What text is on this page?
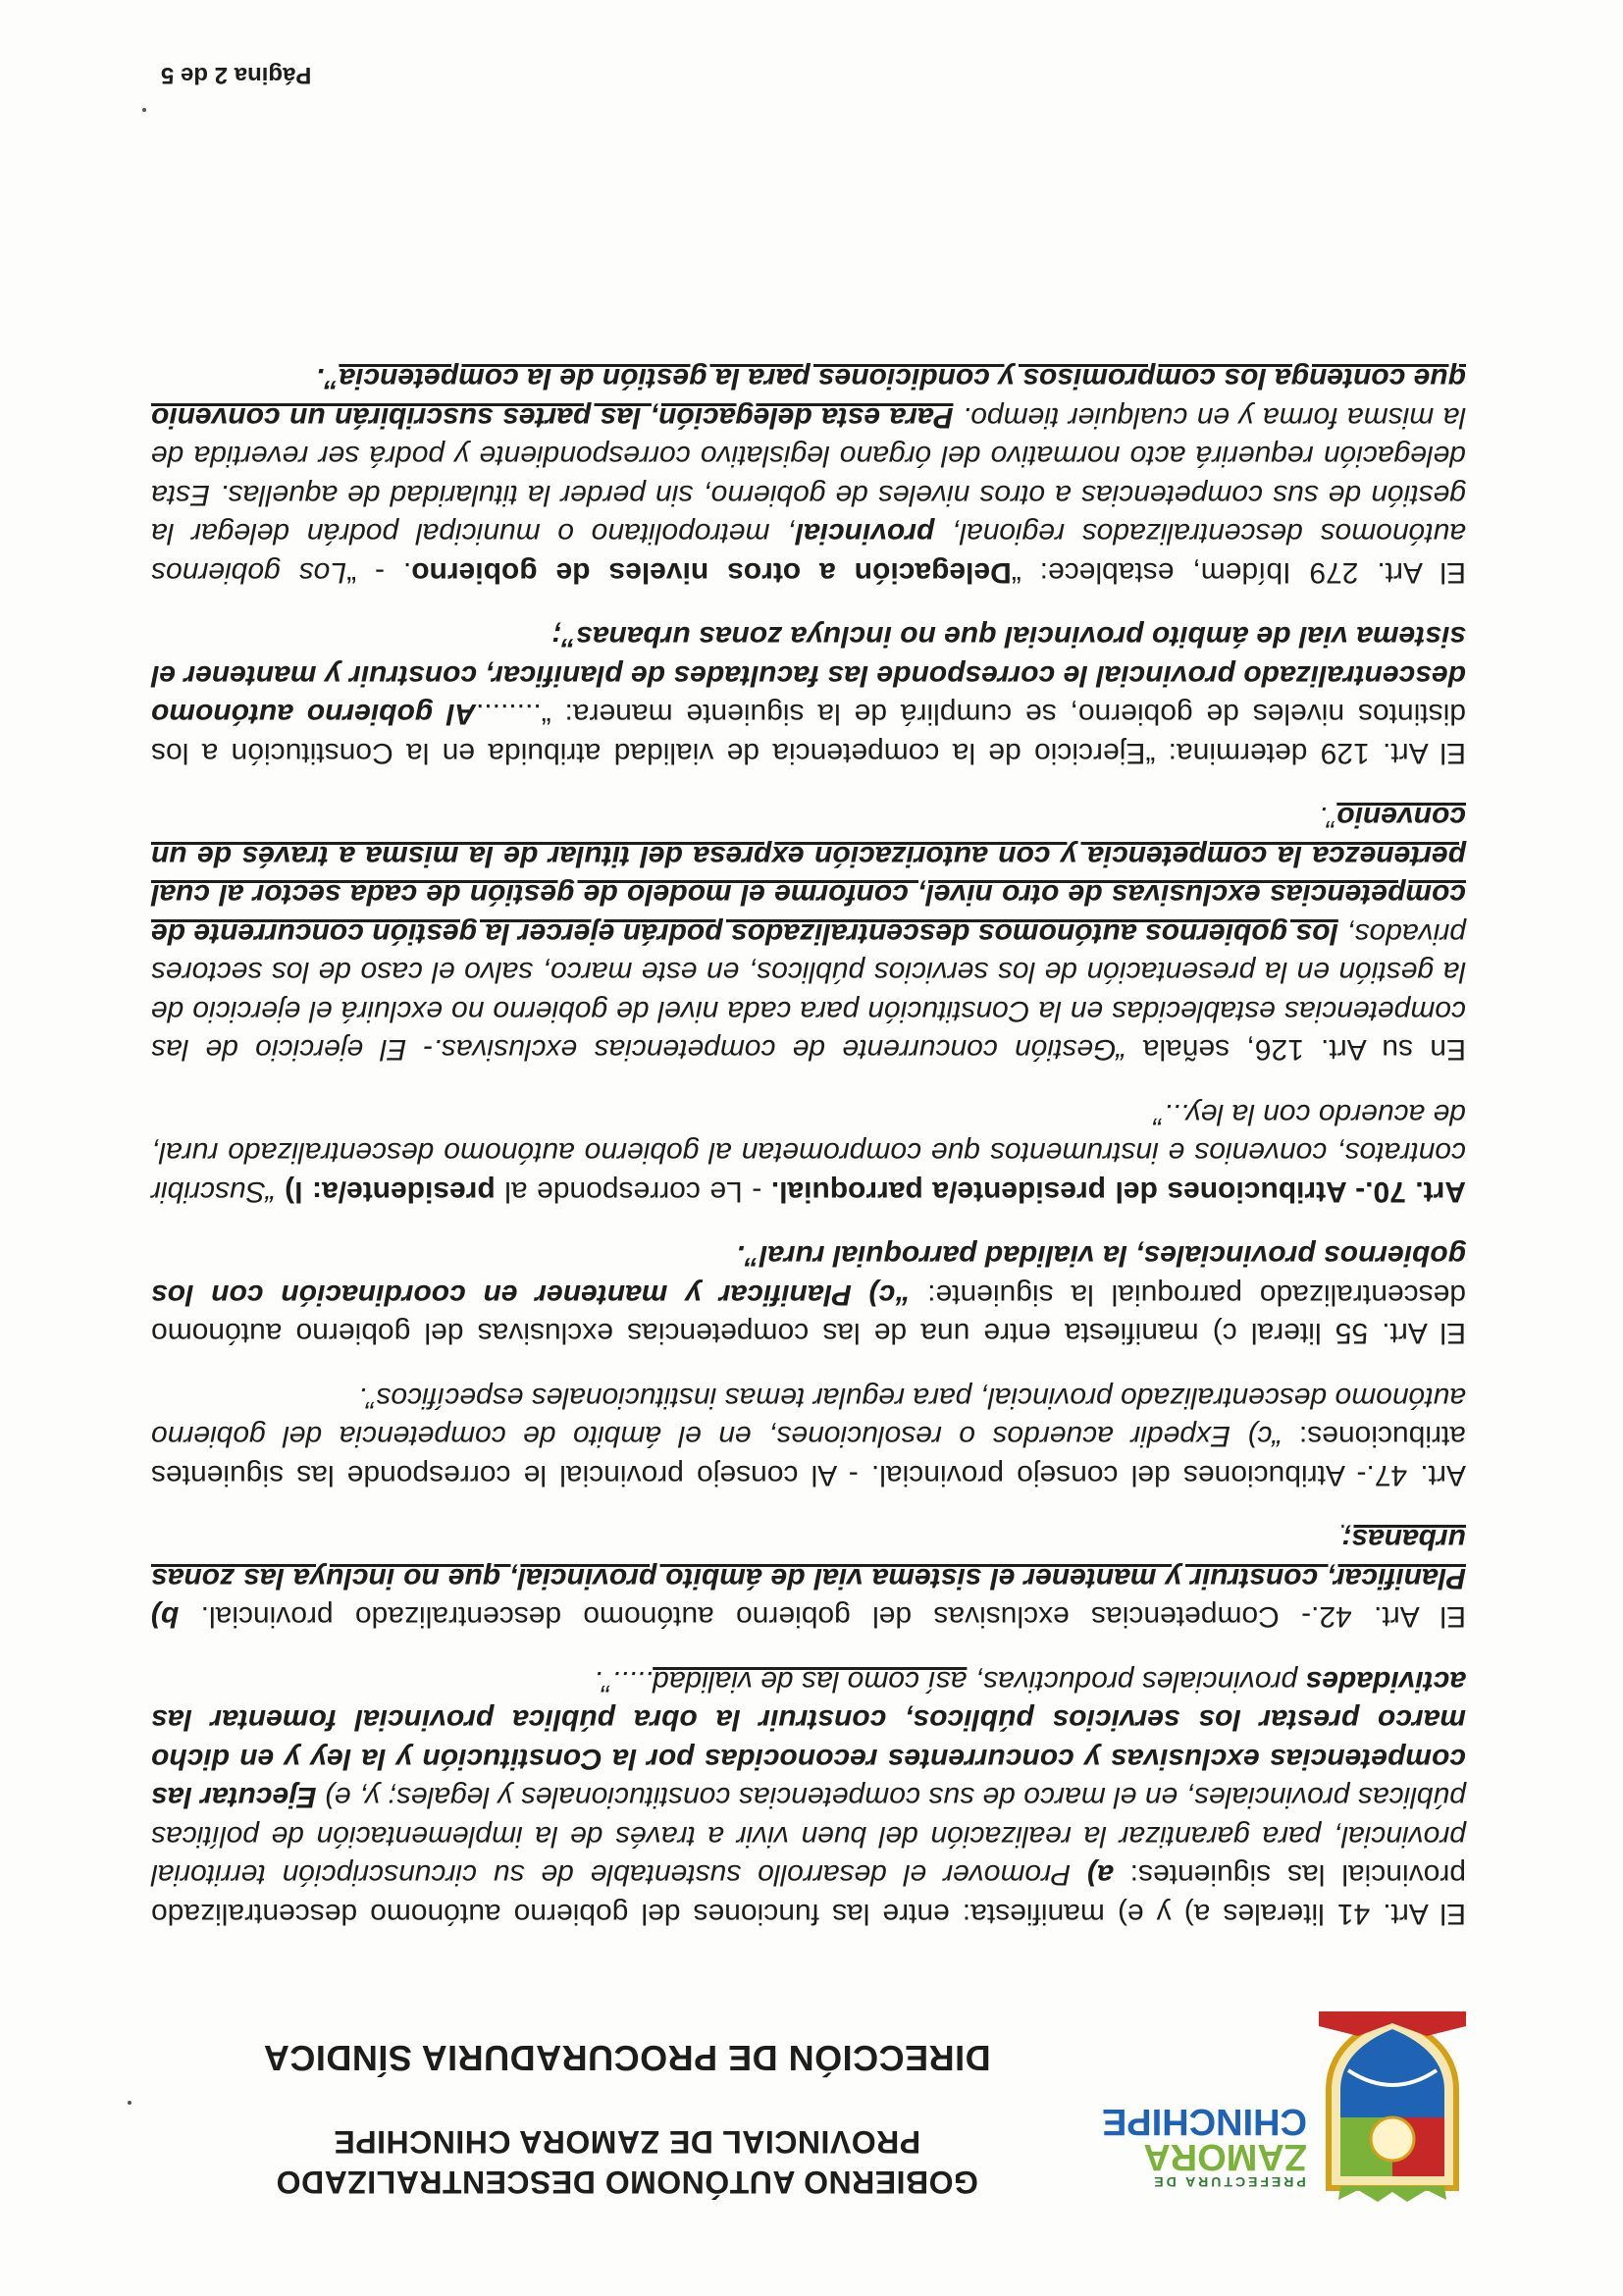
PREFECTURA DE
ZAMORA
CHINCHIPE
GOBIERNO AUTÓNOMO DESCENTRALIZADO
PROVINCIAL DE ZAMORA CHINCHIPE
DIRECCIÓN DE PROCURADURIA SÍNDICA

El Art. 41 literales a) y e) manifiesta: entre las funciones del gobierno autónomo descentralizado provincial las siguientes: a) Promover el desarrollo sustentable de su circunscripción territorial provincial, para garantizar la realización del buen vivir a través de la implementación de políticas públicas provinciales, en el marco de sus competencias constitucionales y legales; y, e) Ejecutar las competencias exclusivas y concurrentes reconocidas por la Constitución y la ley y en dicho marco prestar los servicios públicos, construir la obra pública provincial fomentar las actividades provinciales productivas, así como las de vialidad.....”.

El Art. 42.- Competencias exclusivas del gobierno autónomo descentralizado provincial. b) Planificar, construir y mantener el sistema vial de ámbito provincial, que no incluya las zonas urbanas;

Art. 47.- Atribuciones del consejo provincial. - Al consejo provincial le corresponde las siguientes atribuciones: “c) Expedir acuerdos o resoluciones, en el ámbito de competencia del gobierno autónomo descentralizado provincial, para regular temas institucionales específicos”.

El Art. 55 literal c) manifiesta entre una de las competencias exclusivas del gobierno autónomo descentralizado parroquial la siguiente: “c) Planificar y mantener en coordinación con los gobiernos provinciales, la vialidad parroquial rural”.

Art. 70.- Atribuciones del presidente/a parroquial. - Le corresponde al presidente/a: l) “Suscribir contratos, convenios e instrumentos que comprometan al gobierno autónomo descentralizado rural, de acuerdo con la ley...”

En su Art. 126, señala “Gestión concurrente de competencias exclusivas.- El ejercicio de las competencias establecidas en la Constitución para cada nivel de gobierno no excluirá el ejercicio de la gestión en la presentación de los servicios públicos, en este marco, salvo el caso de los sectores privados, los gobiernos autónomos descentralizados podrán ejercer la gestión concurrente de competencias exclusivas de otro nivel, conforme el modelo de gestión de cada sector al cual pertenezca la competencia y con autorización expresa del titular de la misma a través de un convenio”.

El Art. 129 determina: “Ejercicio de la competencia de vialidad atribuida en la Constitución a los distintos niveles de gobierno, se cumplirá de la siguiente manera: “........Al gobierno autónomo descentralizado provincial le corresponde las facultades de planificar, construir y mantener el sistema vial de ámbito provincial que no incluya zonas urbanas”;

El Art. 279 Ibídem, establece: “Delegación a otros niveles de gobierno. - “Los gobiernos autónomos descentralizados regional, provincial, metropolitano o municipal podrán delegar la gestión de sus competencias a otros niveles de gobierno, sin perder la titularidad de aquellas. Esta delegación requerirá acto normativo del órgano legislativo correspondiente y podrá ser revertida de la misma forma y en cualquier tiempo. Para esta delegación, las partes suscribirán un convenio que contenga los compromisos y condiciones para la gestión de la competencia”.

Página 2 de 5
